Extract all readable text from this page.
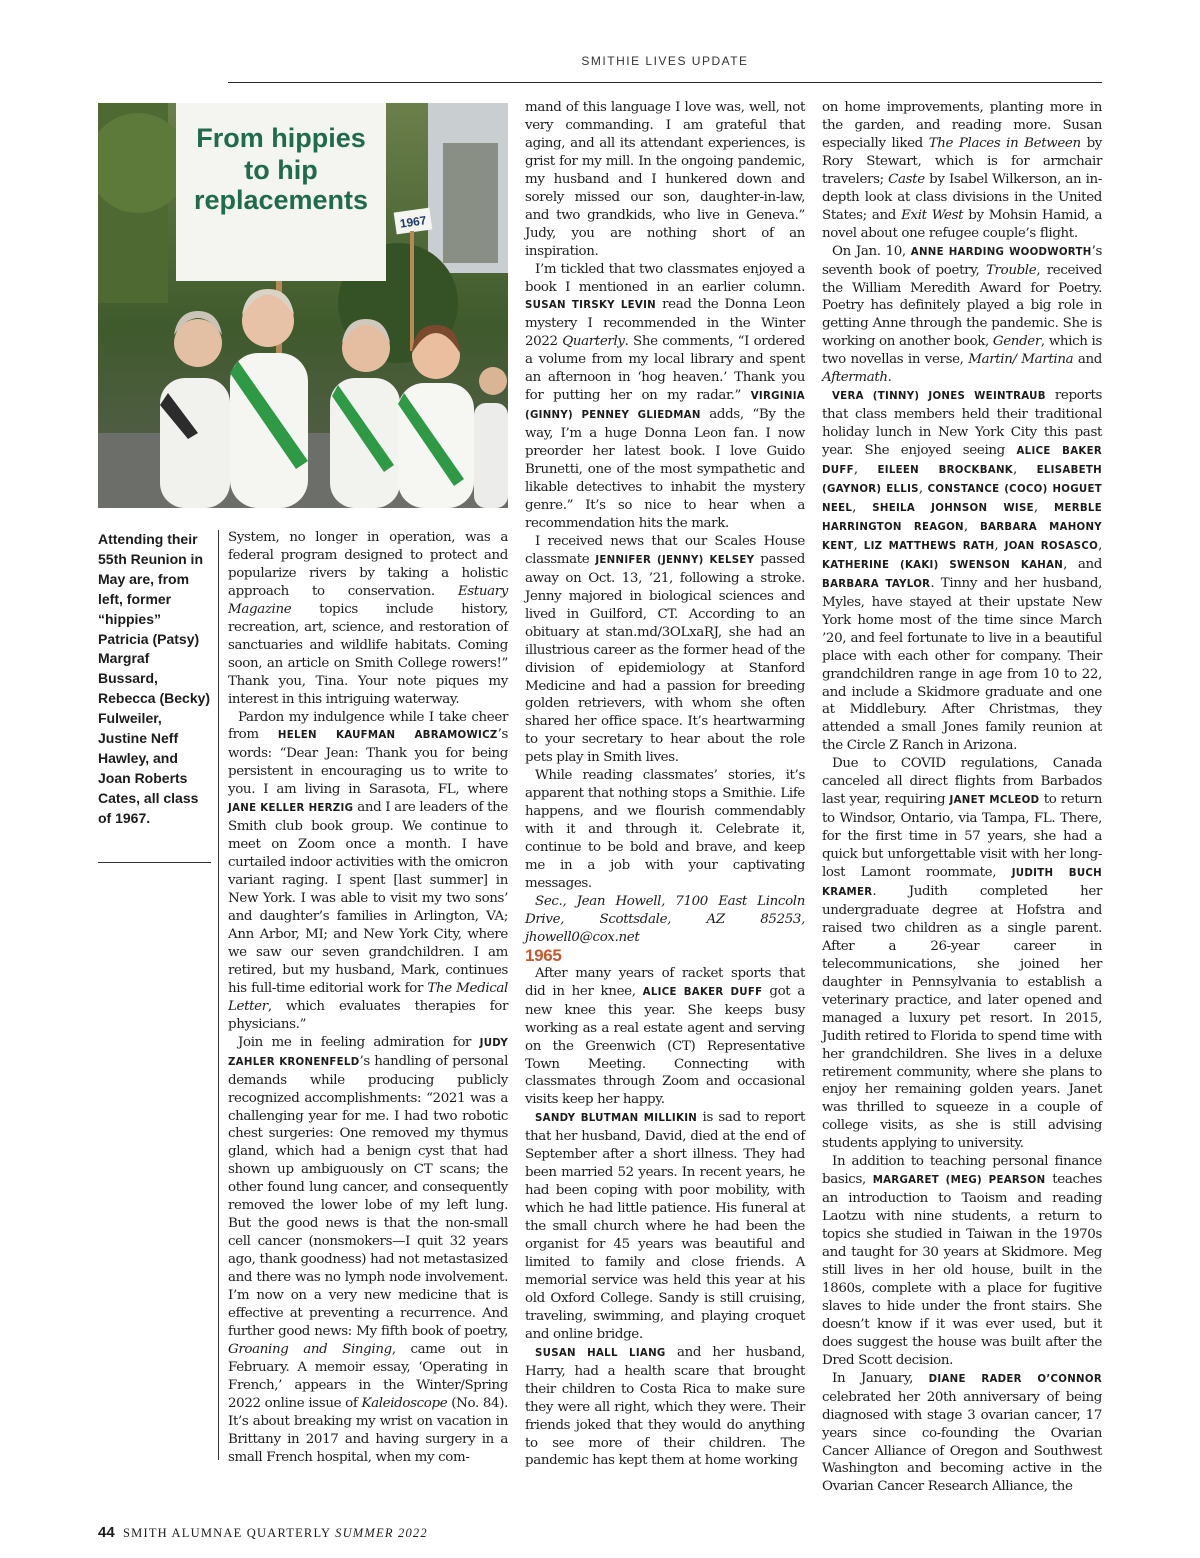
SMITHIE LIVES UPDATE
From hippies
to hip
replacements
1967
Attending their 55th Reunion in May are, from left, former “hippies” Patricia (Patsy) Margraf Bussard, Rebecca (Becky) Fulweiler, Justine Neff Hawley, and Joan Roberts Cates, all class of 1967.

System, no longer in operation, was a federal program designed to protect and popularize rivers by taking a holistic approach to conservation. Estuary Magazine topics include history, recreation, art, science, and restoration of sanctuaries and wildlife habitats. Coming soon, an article on Smith College rowers!” Thank you, Tina. Your note piques my interest in this intriguing waterway.

Pardon my indulgence while I take cheer from HELEN KAUFMAN ABRAMOWICZ’s words: “Dear Jean: Thank you for being persistent in encouraging us to write to you. I am living in Sarasota, FL, where JANE KELLER HERZIG and I are leaders of the Smith club book group. We continue to meet on Zoom once a month. I have curtailed indoor activities with the omicron variant raging. I spent [last summer] in New York. I was able to visit my two sons’ and daughter’s families in Arlington, VA; Ann Arbor, MI; and New York City, where we saw our seven grandchildren. I am retired, but my husband, Mark, continues his full-time editorial work for The Medical Letter, which evaluates therapies for physicians.”

Join me in feeling admiration for JUDY ZAHLER KRONENFELD’s handling of personal demands while producing publicly recognized accomplishments: “2021 was a challenging year for me. I had two robotic chest surgeries: One removed my thymus gland, which had a benign cyst that had shown up ambiguously on CT scans; the other found lung cancer, and consequently removed the lower lobe of my left lung. But the good news is that the non-small cell cancer (nonsmokers—I quit 32 years ago, thank goodness) had not metastasized and there was no lymph node involvement. I’m now on a very new medicine that is effective at preventing a recurrence. And further good news: My fifth book of poetry, Groaning and Singing, came out in February. A memoir essay, ‘Operating in French,’ appears in the Winter/Spring 2022 online issue of Kaleidoscope (No. 84). It’s about breaking my wrist on vacation in Brittany in 2017 and having surgery in a small French hospital, when my com-

mand of this language I love was, well, not very commanding. I am grateful that aging, and all its attendant experiences, is grist for my mill. In the ongoing pandemic, my husband and I hunkered down and sorely missed our son, daughter-in-law, and two grandkids, who live in Geneva.” Judy, you are nothing short of an inspiration.

I’m tickled that two classmates enjoyed a book I mentioned in an earlier column. SUSAN TIRSKY LEVIN read the Donna Leon mystery I recommended in the Winter 2022 Quarterly. She comments, “I ordered a volume from my local library and spent an afternoon in ‘hog heaven.’ Thank you for putting her on my radar.” VIRGINIA (GINNY) PENNEY GLIEDMAN adds, “By the way, I’m a huge Donna Leon fan. I now preorder her latest book. I love Guido Brunetti, one of the most sympathetic and likable detectives to inhabit the mystery genre.” It’s so nice to hear when a recommendation hits the mark.

I received news that our Scales House classmate JENNIFER (JENNY) KELSEY passed away on Oct. 13, ’21, following a stroke. Jenny majored in biological sciences and lived in Guilford, CT. According to an obituary at stan.md/3OLxaRJ, she had an illustrious career as the former head of the division of epidemiology at Stanford Medicine and had a passion for breeding golden retrievers, with whom she often shared her office space. It’s heartwarming to your secretary to hear about the role pets play in Smith lives.

While reading classmates’ stories, it’s apparent that nothing stops a Smithie. Life happens, and we flourish commendably with it and through it. Celebrate it, continue to be bold and brave, and keep me in a job with your captivating messages.

Sec., Jean Howell, 7100 East Lincoln Drive, Scottsdale, AZ 85253, jhowell0@cox.net

1965

After many years of racket sports that did in her knee, ALICE BAKER DUFF got a new knee this year. She keeps busy working as a real estate agent and serving on the Greenwich (CT) Representative Town Meeting. Connecting with classmates through Zoom and occasional visits keep her happy.

SANDY BLUTMAN MILLIKIN is sad to report that her husband, David, died at the end of September after a short illness. They had been married 52 years. In recent years, he had been coping with poor mobility, with which he had little patience. His funeral at the small church where he had been the organist for 45 years was beautiful and limited to family and close friends. A memorial service was held this year at his old Oxford College. Sandy is still cruising, traveling, swimming, and playing croquet and online bridge.

SUSAN HALL LIANG and her husband, Harry, had a health scare that brought their children to Costa Rica to make sure they were all right, which they were. Their friends joked that they would do anything to see more of their children. The pandemic has kept them at home working

on home improvements, planting more in the garden, and reading more. Susan especially liked The Places in Between by Rory Stewart, which is for armchair travelers; Caste by Isabel Wilkerson, an in-depth look at class divisions in the United States; and Exit West by Mohsin Hamid, a novel about one refugee couple’s flight.

On Jan. 10, ANNE HARDING WOODWORTH’s seventh book of poetry, Trouble, received the William Meredith Award for Poetry. Poetry has definitely played a big role in getting Anne through the pandemic. She is working on another book, Gender, which is two novellas in verse, Martin/ Martina and Aftermath.

VERA (TINNY) JONES WEINTRAUB reports that class members held their traditional holiday lunch in New York City this past year. She enjoyed seeing ALICE BAKER DUFF, EILEEN BROCKBANK, ELISABETH (GAYNOR) ELLIS, CONSTANCE (COCO) HOGUET NEEL, SHEILA JOHNSON WISE, MERBLE HARRINGTON REAGON, BARBARA MAHONY KENT, LIZ MATTHEWS RATH, JOAN ROSASCO, KATHERINE (KAKI) SWENSON KAHAN, and BARBARA TAYLOR. Tinny and her husband, Myles, have stayed at their upstate New York home most of the time since March ’20, and feel fortunate to live in a beautiful place with each other for company. Their grandchildren range in age from 10 to 22, and include a Skidmore graduate and one at Middlebury. After Christmas, they attended a small Jones family reunion at the Circle Z Ranch in Arizona.

Due to COVID regulations, Canada canceled all direct flights from Barbados last year, requiring JANET MCLEOD to return to Windsor, Ontario, via Tampa, FL. There, for the first time in 57 years, she had a quick but unforgettable visit with her long-lost Lamont roommate, JUDITH BUCH KRAMER. Judith completed her undergraduate degree at Hofstra and raised two children as a single parent. After a 26-year career in telecommunications, she joined her daughter in Pennsylvania to establish a veterinary practice, and later opened and managed a luxury pet resort. In 2015, Judith retired to Florida to spend time with her grandchildren. She lives in a deluxe retirement community, where she plans to enjoy her remaining golden years. Janet was thrilled to squeeze in a couple of college visits, as she is still advising students applying to university.

In addition to teaching personal finance basics, MARGARET (MEG) PEARSON teaches an introduction to Taoism and reading Laotzu with nine students, a return to topics she studied in Taiwan in the 1970s and taught for 30 years at Skidmore. Meg still lives in her old house, built in the 1860s, complete with a place for fugitive slaves to hide under the front stairs. She doesn’t know if it was ever used, but it does suggest the house was built after the Dred Scott decision.

In January, DIANE RADER O’CONNOR celebrated her 20th anniversary of being diagnosed with stage 3 ovarian cancer, 17 years since co-founding the Ovarian Cancer Alliance of Oregon and Southwest Washington and becoming active in the Ovarian Cancer Research Alliance, the

44 SMITH ALUMNAE QUARTERLY SUMMER 2022
